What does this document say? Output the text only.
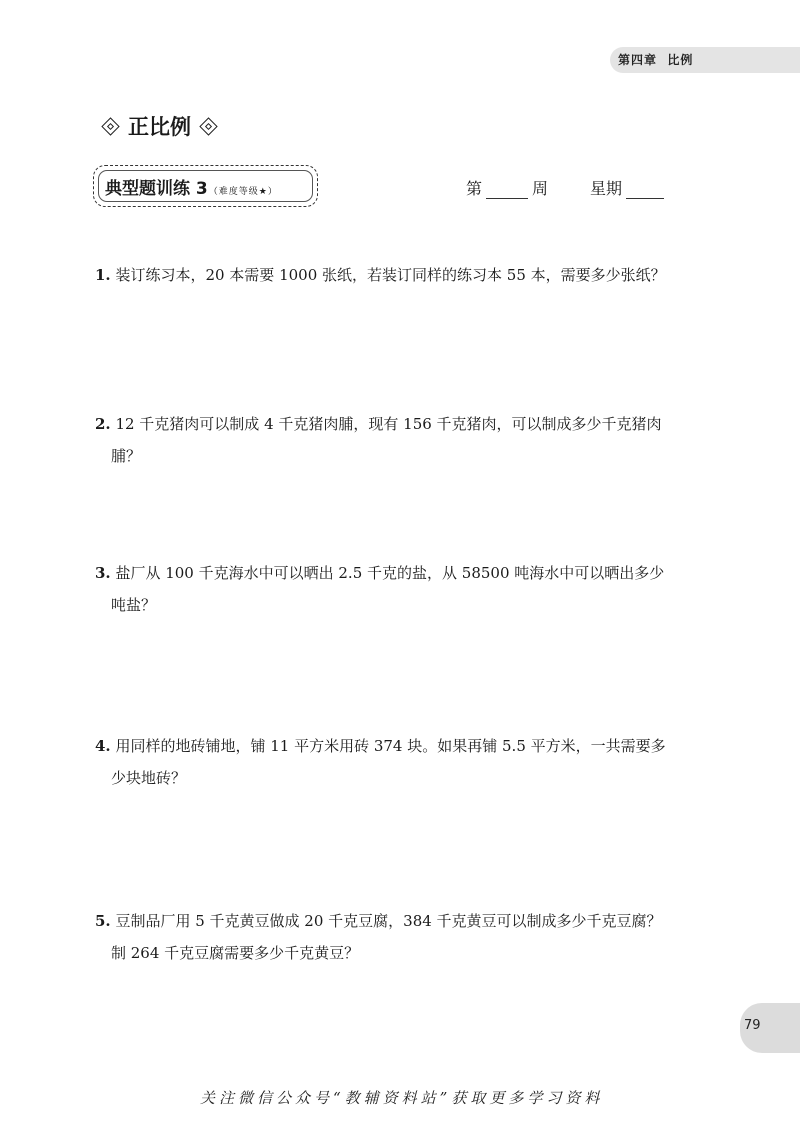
第四章  比例
正比例
典型题训练 3（难度等级★）	第	周	星期
1. 装订练习本，20 本需要 1000 张纸，若装订同样的练习本 55 本，需要多少张纸？
2. 12 千克猪肉可以制成 4 千克猪肉脯，现有 156 千克猪肉，可以制成多少千克猪肉
脯？
3. 盐厂从 100 千克海水中可以晒出 2.5 千克的盐，从 58500 吨海水中可以晒出多少
吨盐？
4. 用同样的地砖铺地，铺 11 平方米用砖 374 块。如果再铺 5.5 平方米，一共需要多
少块地砖？
5. 豆制品厂用 5 千克黄豆做成 20 千克豆腐，384 千克黄豆可以制成多少千克豆腐？
制 264 千克豆腐需要多少千克黄豆？
79
关注微信公众号“教辅资料站”获取更多学习资料
